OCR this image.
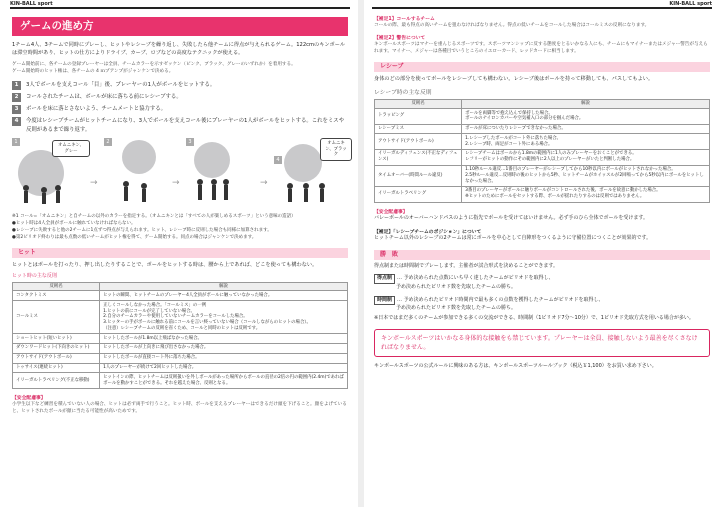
KIN-BALL sport
ゲームの進め方
1チーム4人、3チームで同時にプレーし、ヒットやレシーブを繰り返し、失敗したら他チームに得点が与えられるゲーム。122cmのキンボールは滞空時間があり、ヒットの仕方によりドライブ、カーブ、ロブなどの高度なテクニックが使える。
ゲーム開始前に、各チームの登録プレーヤーは全員、チームカラーを示すゼッケン（ピンク、ブラック、グレーのいずれか）を着用する。
ゲーム開始時のヒット権は、各チームの 4 ｍプアンプがジャンケンで決める。
1	3人でボールを支えコール「目」後、プレーヤーの1人がボールをヒットする。
2	コールされたチームは、ボールが床に落ちる前にレシーブする。
3	ボールを床に落とさないよう、チームメートと協力する。
4	今度はレシーブチームがヒットチームになり、3人でボールを支えコール後にプレーヤーの1人がボールをヒットする。これをミスや反則があるまで繰り返す。
1
オムニキン、グレー
→
2
→
3
→
4
オムニキン、ブラック
※1 コール=「オムニキン」と自チームの以外のカラーを指定する。（オムニキンとは「すべての人が楽しめるスポーツ」という意味の造語）
●ヒット時は4人全員がボールに触れていなければならない。
●レシーブに失敗すると他の2チームに1点ずつ得点が与えられます。ヒット、レシーブ時に反則した場合も同様に加算されます。
●第2ピリオド終わりは最も点数の低いチームがヒット権を得て、ゲーム開始する。同点の場合はジャンケンで決めます。
ヒット
ヒットとはボールを打ったり、押し出したりすることで、ボールをヒットする時は、腰から上であれば、どこを使っても構わない。
ヒット時の主な反則
反則名	解説
コンタクトミス	ヒットの瞬間、ヒットチームのプレーヤー4人全員がボールに触っていなかった場合。
コールミス	正しくコールしなかった場合。「コールミス」の一例
1.ヒットの前にコールが完了していない場合。
2.自分のチームカラーや使用していないチームカラーをコールした場合。
3.ヒッターの手がボールに触れる前にコールを言い終っていない場合（コールしながらのヒットの場合）。
（注意）レシーブチームの反則を省くため、コールと同時のヒットは反則です。
ショートヒット(短いヒット)	ヒットしたボールが1.8m以上飛ばなかった場合。
ダウンワードヒット(下向きのヒット)	ヒットしたボールが上向きに飛び出さなかった場合。
アウトサイド(アウトボール)	ヒットしたボールが直接コート外に落ちた場合。
トゥサイス(連続ヒット)	1人のプレーヤーが続けて2回ヒットした場合。
イリーガルトラベリング(不正な移動)	ヒットインの際、ヒットチームは反則扱いを外しボールがあった場所からボールの直径の2倍の円の範囲内(2.4m)であればボールを動かすことができる。それを越えた場合、反則となる。
【安全配慮事】
小学生以下など練習を積んでいない人の場合、ヒットは必ず両手で行うこと。ヒット時、ボールを支えるプレーヤーはできるだけ頭を下げること。顔をよげていると、ヒットされたボールが顔に当たる可能性が高いためです。
KIN-BALL sport
【補足1】コールするチーム
コールの際、最も得点の高いチームを狙わなければなりません。得点の低いチームをコールした場合はコールミスの反則になります。
【補足2】警告について
キンボールスポーツはマナーを重んじるスポーツです。スポーツマンシップに反する態度をとるいかなる人にも、チームにもマイナーまたはメジャー警告が与えられます。マイナー、メジャーは各種目でいうところのイエローカード、レッドカードに相当します。
レシーブ
身体のどの部分を使ってボールをレシーブしても構わない。レシーブ後はボールを持って移動しても、パスしてもよい。
レシーブ時の主な反則
反則名	解説
トラッピング	ボールを両脚等で抱え込んで保持した場合。
ボールのナイロンカバーや空気補入口の部分を掴んだ場合。
レシーブミス	ボールが床についたりレシーブできなかった場合。
アウトサイド(アウトボール)	1.レシーブしたボールがコート外に落ちた場合。
2.レシーブ時、両足がコート外にある場合。
イリーガルディフェンス(不正なディフェンス)	レシーブチームはボールから1.8mの範囲内に1人のみプレーヤーをおくことができる。
レフリーがヒットの動作にその範囲内に2人以上のプレーヤーがいたと判断した場合。
タイムオーバー(時間ルール違反)	1.10秒ルール違反…1番目のプレーヤーがレシーブしてから10秒以内にボールがヒットされなかった場合。
2.5秒ルール違反…反則時の後のヒットから5秒、ヒットチームがホイッスルが2回鳴ってから5秒以内にボールをヒットしなかった場合。
イリーガルトラベリング	3番目のプレーヤーがボールに触りボールがコントロールされた後、ボールを故意に動かした場合。
※ヒットのためにボールをセットする際、ボールが揺れたりするのは反則ではありません。
【安全配慮事】
バレーボールのオーバーハンドパスのように指先でボールを受けてはいけません。必ず手のひら全体でボールを受けます。
【補足】「レシーブチームのポジション」について
ヒットチーム以外のレシーブの2チームは常にボールを中心として自陣形をつくるように守備位置につくことが効果的です。
勝　敗
得点制または時間制でプレーします。主催者が試合形式を決めることができます。
得点制 … 予め決められた点数にいち早く達したチームがピリオドを取得し、
予め決められたピリオド数を先取したチームの勝ち。
時間制 … 予め決められたピリオド時間内で最も多くの点数を獲得したチームがピリオドを取得し、
予め決められたピリオド数を先取したチームの勝ち。
※日本ではまだ多くのチームが参加できる多くの交流ができる、時間制（1ピリオド7分～10分）で、1ピリオド先取方式を用いる場合が多い。
キンボールスポーツはいかなる身体的な接触をも禁じています。プレーヤーは全員、接触しないよう最善を尽くさなければなりません。
キンボールスポーツの公式ルールに興味のある方は、キンボールスポーツルールブック（税込￥1,100）をお買い求め下さい。
